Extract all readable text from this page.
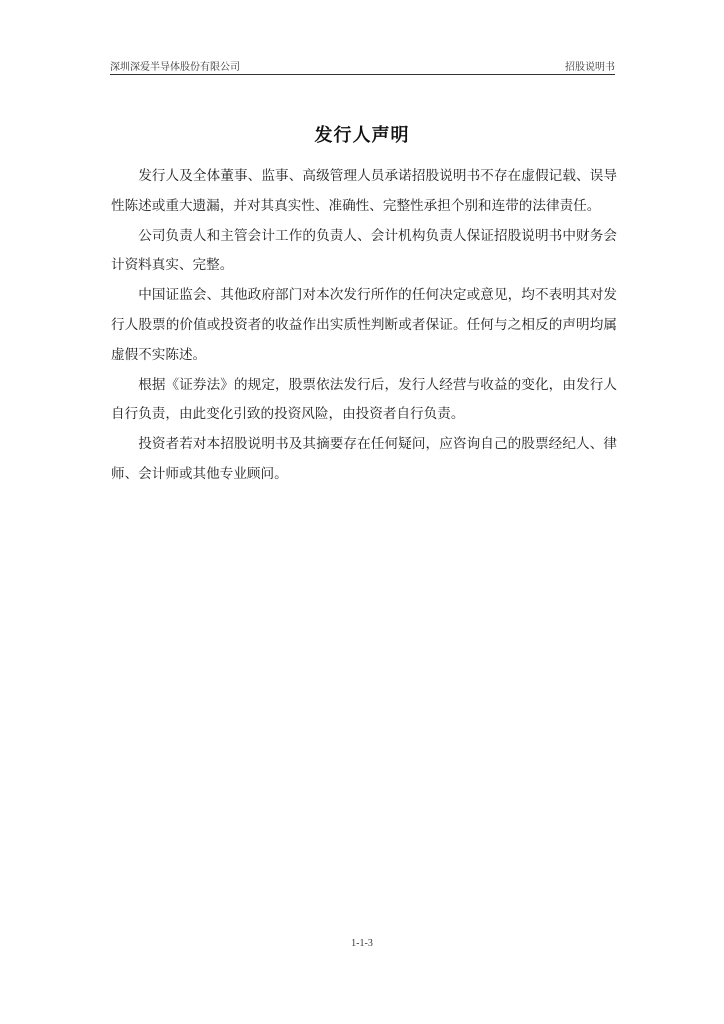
深圳深爱半导体股份有限公司	招股说明书
发行人声明

发行人及全体董事、监事、高级管理人员承诺招股说明书不存在虚假记载、误导性陈述或重大遗漏，并对其真实性、准确性、完整性承担个别和连带的法律责任。

公司负责人和主管会计工作的负责人、会计机构负责人保证招股说明书中财务会计资料真实、完整。

中国证监会、其他政府部门对本次发行所作的任何决定或意见，均不表明其对发行人股票的价值或投资者的收益作出实质性判断或者保证。任何与之相反的声明均属虚假不实陈述。

根据《证券法》的规定，股票依法发行后，发行人经营与收益的变化，由发行人自行负责，由此变化引致的投资风险，由投资者自行负责。

投资者若对本招股说明书及其摘要存在任何疑问，应咨询自己的股票经纪人、律师、会计师或其他专业顾问。

1-1-3
